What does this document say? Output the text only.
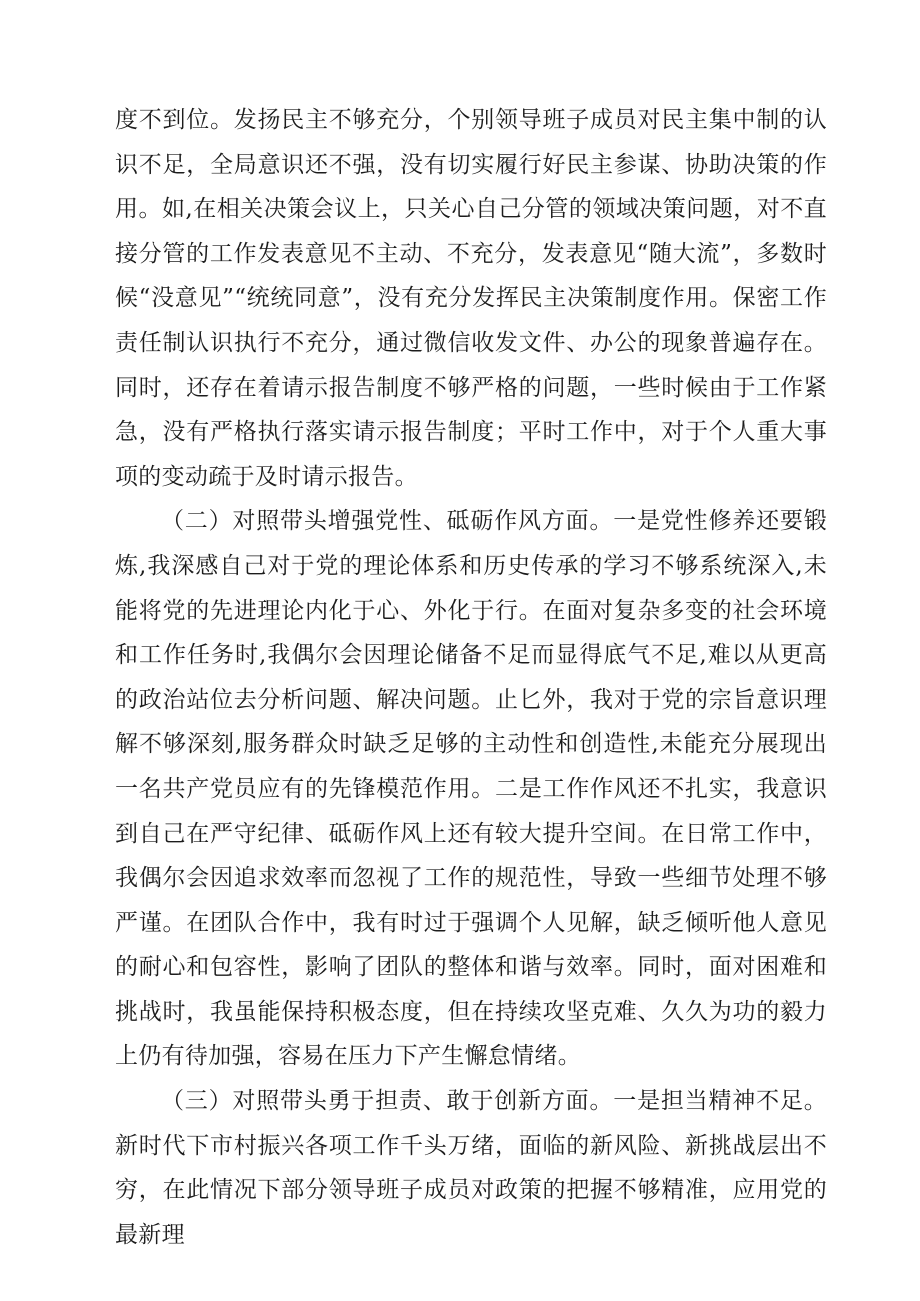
度不到位。发扬民主不够充分，个别领导班子成员对民主集中制的认识不足，全局意识还不强，没有切实履行好民主参谋、协助决策的作用。如,在相关决策会议上，只关心自己分管的领域决策问题，对不直接分管的工作发表意见不主动、不充分，发表意见“随大流”，多数时候“没意见”“统统同意”，没有充分发挥民主决策制度作用。保密工作责任制认识执行不充分，通过微信收发文件、办公的现象普遍存在。同时，还存在着请示报告制度不够严格的问题，一些时候由于工作紧急，没有严格执行落实请示报告制度；平时工作中，对于个人重大事项的变动疏于及时请示报告。

（二）对照带头增强党性、砥砺作风方面。一是党性修养还要锻炼,我深感自己对于党的理论体系和历史传承的学习不够系统深入,未能将党的先进理论内化于心、外化于行。在面对复杂多变的社会环境和工作任务时,我偶尔会因理论储备不足而显得底气不足,难以从更高的政治站位去分析问题、解决问题。止匕外，我对于党的宗旨意识理解不够深刻,服务群众时缺乏足够的主动性和创造性,未能充分展现出一名共产党员应有的先锋模范作用。二是工作作风还不扎实，我意识到自己在严守纪律、砥砺作风上还有较大提升空间。在日常工作中，我偶尔会因追求效率而忽视了工作的规范性，导致一些细节处理不够严谨。在团队合作中，我有时过于强调个人见解，缺乏倾听他人意见的耐心和包容性，影响了团队的整体和谐与效率。同时，面对困难和挑战时，我虽能保持积极态度，但在持续攻坚克难、久久为功的毅力上仍有待加强，容易在压力下产生懈怠情绪。

（三）对照带头勇于担责、敢于创新方面。一是担当精神不足。新时代下市村振兴各项工作千头万绪，面临的新风险、新挑战层出不穷，在此情况下部分领导班子成员对政策的把握不够精准，应用党的最新理
